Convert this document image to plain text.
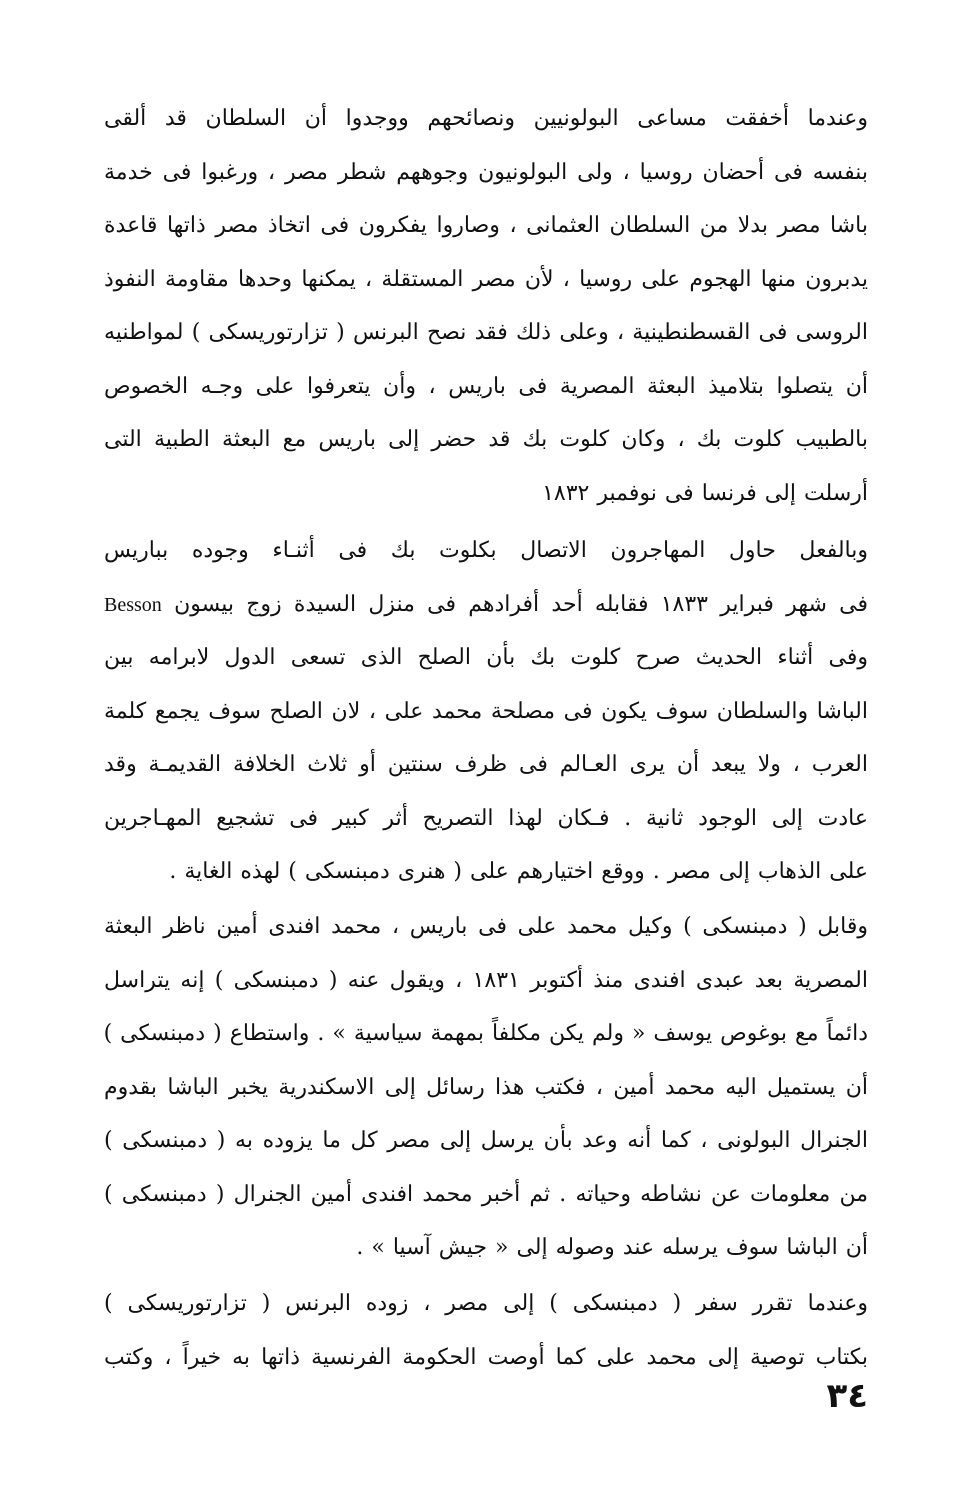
وعندما أخفقت مساعى البولونيين ونصائحهم ووجدوا أن السلطان قد ألقى
بنفسه فى أحضان روسيا ، ولى البولونيون وجوههم شطر مصر ، ورغبوا فى خدمة
باشا مصر بدلا من السلطان العثمانى ، وصاروا يفكرون فى اتخاذ مصر ذاتها قاعدة
يدبرون منها الهجوم على روسيا ، لأن مصر المستقلة ، يمكنها وحدها مقاومة النفوذ
الروسى فى القسطنطينية ، وعلى ذلك فقد نصح البرنس ( تزارتوريسكى ) لمواطنيه
أن يتصلوا بتلاميذ البعثة المصرية فى باريس ، وأن يتعرفوا على وجـه الخصوص
بالطبيب كلوت بك ، وكان كلوت بك قد حضر إلى باريس مع البعثة الطبية التى
أرسلت إلى فرنسا فى نوفمبر ١٨٣٢
وبالفعل حاول المهاجرون الاتصال بكلوت بك فى أثنـاء وجوده بباريس
فى شهر فبراير ١٨٣٣ فقابله أحد أفرادهم فى منزل السيدة زوج بيسون Besson
وفى أثناء الحديث صرح كلوت بك بأن الصلح الذى تسعى الدول لابرامه بين
الباشا والسلطان سوف يكون فى مصلحة محمد على ، لان الصلح سوف يجمع كلمة
العرب ، ولا يبعد أن يرى العـالم فى ظرف سنتين أو ثلاث الخلافة القديمـة وقد
عادت إلى الوجود ثانية . فـكان لهذا التصريح أثر كبير فى تشجيع المهـاجرين
على الذهاب إلى مصر . ووقع اختيارهم على ( هنرى دمبنسكى ) لهذه الغاية .
وقابل ( دمبنسكى ) وكيل محمد على فى باريس ، محمد افندى أمين ناظر البعثة
المصرية بعد عبدى افندى منذ أكتوبر ١٨٣١ ، ويقول عنه ( دمبنسكى ) إنه يتراسل
دائماً مع بوغوص يوسف « ولم يكن مكلفاً بمهمة سياسية » . واستطاع ( دمبنسكى )
أن يستميل اليه محمد أمين ، فكتب هذا رسائل إلى الاسكندرية يخبر الباشا بقدوم
الجنرال البولونى ، كما أنه وعد بأن يرسل إلى مصر كل ما يزوده به ( دمبنسكى )
من معلومات عن نشاطه وحياته . ثم أخبر محمد افندى أمين الجنرال ( دمبنسكى )
أن الباشا سوف يرسله عند وصوله إلى « جيش آسيا » .
وعندما تقرر سفر ( دمبنسكى ) إلى مصر ، زوده البرنس ( تزارتوريسكى )
بكتاب توصية إلى محمد على كما أوصت الحكومة الفرنسية ذاتها به خيراً ، وكتب
٣٤
